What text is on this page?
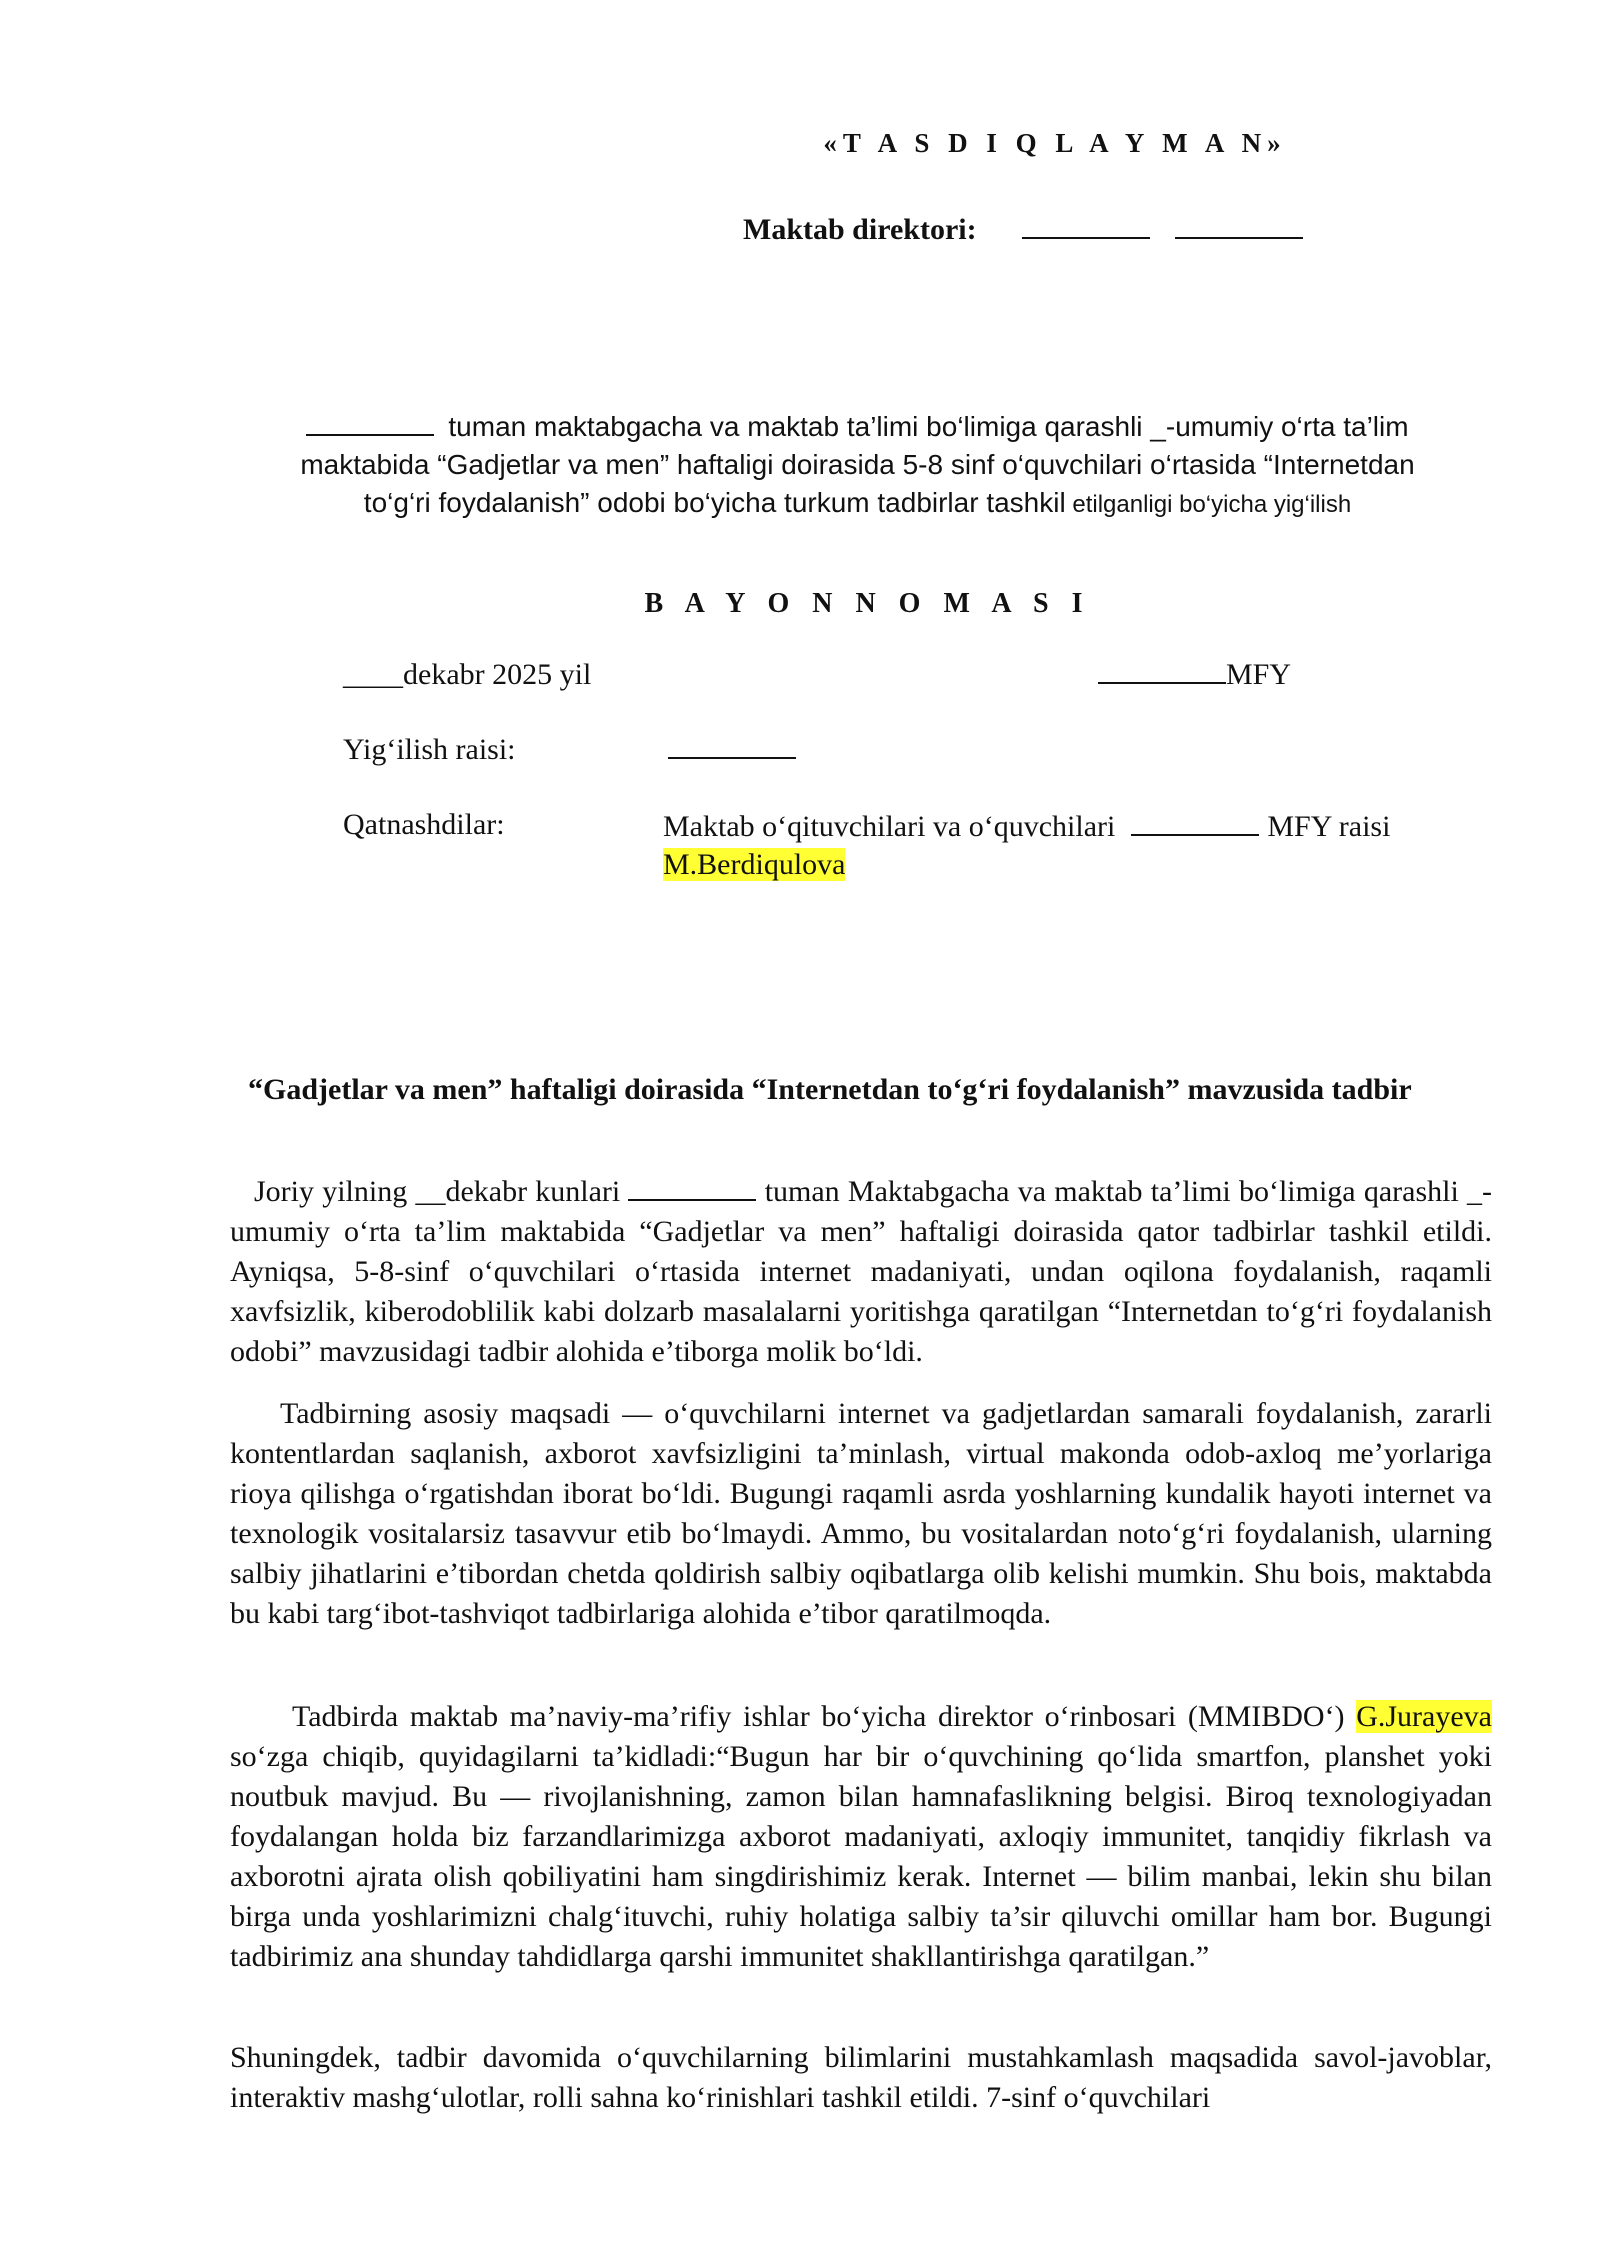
«T A S D I Q L A Y M A N»
Maktab direktori:
tuman maktabgacha va maktab ta’limi bo‘limiga qarashli _-umumiy o‘rta ta’lim
maktabida “Gadjetlar va men” haftaligi doirasida 5-8 sinf o‘quvchilari o‘rtasida “Internetdan
to‘g‘ri foydalanish” odobi bo‘yicha turkum tadbirlar tashkil etilganligi bo‘yicha yig‘ilish
B A Y O N N O M A S I
____dekabr 2025 yil	MFY
Yig‘ilish raisi:
Qatnashdilar:	Maktab o‘qituvchilari va o‘quvchilari	MFY raisi
M.Berdiqulova
“Gadjetlar va men” haftaligi doirasida “Internetdan to‘g‘ri foydalanish” mavzusida tadbir
Joriy yilning __dekabr kunlari	tuman Maktabgacha va maktab ta’limi bo‘limiga qarashli _-umumiy o‘rta ta’lim maktabida “Gadjetlar va men” haftaligi doirasida qator tadbirlar tashkil etildi. Ayniqsa, 5-8-sinf o‘quvchilari o‘rtasida internet madaniyati, undan oqilona foydalanish, raqamli xavfsizlik, kiberodoblilik kabi dolzarb masalalarni yoritishga qaratilgan “Internetdan to‘g‘ri foydalanish odobi” mavzusidagi tadbir alohida e’tiborga molik bo‘ldi.
Tadbirning asosiy maqsadi — o‘quvchilarni internet va gadjetlardan samarali foydalanish, zararli kontentlardan saqlanish, axborot xavfsizligini ta’minlash, virtual makonda odob-axloq me’yorlariga rioya qilishga o‘rgatishdan iborat bo‘ldi. Bugungi raqamli asrda yoshlarning kundalik hayoti internet va texnologik vositalarsiz tasavvur etib bo‘lmaydi. Ammo, bu vositalardan noto‘g‘ri foydalanish, ularning salbiy jihatlarini e’tibordan chetda qoldirish salbiy oqibatlarga olib kelishi mumkin. Shu bois, maktabda bu kabi targ‘ibot-tashviqot tadbirlariga alohida e’tibor qaratilmoqda.
Tadbirda maktab ma’naviy-ma’rifiy ishlar bo‘yicha direktor o‘rinbosari (MMIBDO‘) G.Jurayeva so‘zga chiqib, quyidagilarni ta’kidladi:“Bugun har bir o‘quvchining qo‘lida smartfon, planshet yoki noutbuk mavjud. Bu — rivojlanishning, zamon bilan hamnafaslikning belgisi. Biroq texnologiyadan foydalangan holda biz farzandlarimizga axborot madaniyati, axloqiy immunitet, tanqidiy fikrlash va axborotni ajrata olish qobiliyatini ham singdirishimiz kerak. Internet — bilim manbai, lekin shu bilan birga unda yoshlarimizni chalg‘ituvchi, ruhiy holatiga salbiy ta’sir qiluvchi omillar ham bor. Bugungi tadbirimiz ana shunday tahdidlarga qarshi immunitet shakllantirishga qaratilgan.”
Shuningdek, tadbir davomida o‘quvchilarning bilimlarini mustahkamlash maqsadida savol-javoblar, interaktiv mashg‘ulotlar, rolli sahna ko‘rinishlari tashkil etildi. 7-sinf o‘quvchilari
